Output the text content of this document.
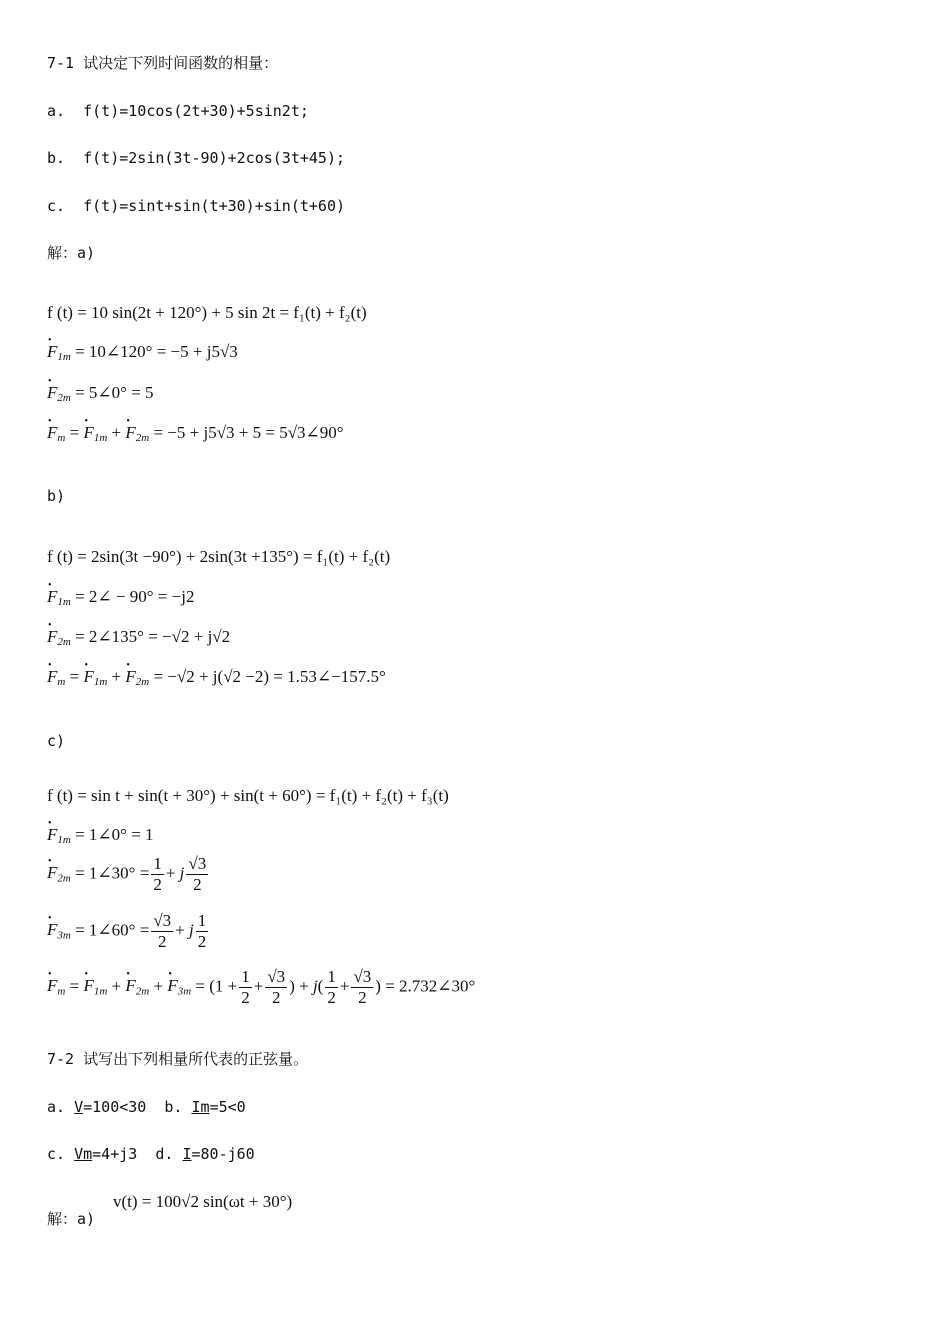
7-1 试决定下列时间函数的相量：
a.  f(t)=10cos(2t+30)+5sin2t;
b.  f(t)=2sin(3t-90)+2cos(3t+45);
c.  f(t)=sint+sin(t+30)+sin(t+60)
解：a)
f (t) = 10 sin(2t + 120°) + 5 sin 2t = f₁(t) + f₂(t)
• $F_{1m}$ = 10∠120° = −5 + j5√3
• $F_{2m}$ = 5∠0° = 5
• $F_m$ = • $F_{1m}$ + • $F_{2m} = -5 + j5√3 + 5$ = 5√3∠90°
b)
f (t) = 2sin(3t −90°) + 2sin(3t +135°) = f₁(t) + f₂(t)
• $F_{1m}$ = 2∠ − 90° = −j2
• $F_{2m}$ = 2∠135° = −√2 + j√2
• $F_m$ = • $F_{1m}$ + • $F_{2m} = -√2 + j(√2 -2)$ = 1.53∠−157.5°
c)
f (t) = sin t + sin(t + 30°) + sin(t + 60°) = f₁(t) + f₂(t) + f₃(t)
• $F_{1m}$ = 1∠0° = 1
• $F_{2m}$ = 1∠30° = $\frac{1}{2} + j \frac{√3}{2}$
• $F_{3m}$ = 1∠60° = $\frac{√3}{2} + j \frac{1}{2}$
• $F_m$ = • $F_{1m}$ + • $F_{2m}$ + • $F_{3m} = (1 + \frac{1}{2} + \frac{√3}{2}$ ) + $j( \frac{1}{2} + \frac{√3}{2}$ ) = 2.732∠30°
7-2 试写出下列相量所代表的正弦量。
a. V=100<30  b. Im=5<0
c. Vm=4+j3  d. I=80-j60
解：a)
v(t) = 100√2 sin(ωt + 30°)
